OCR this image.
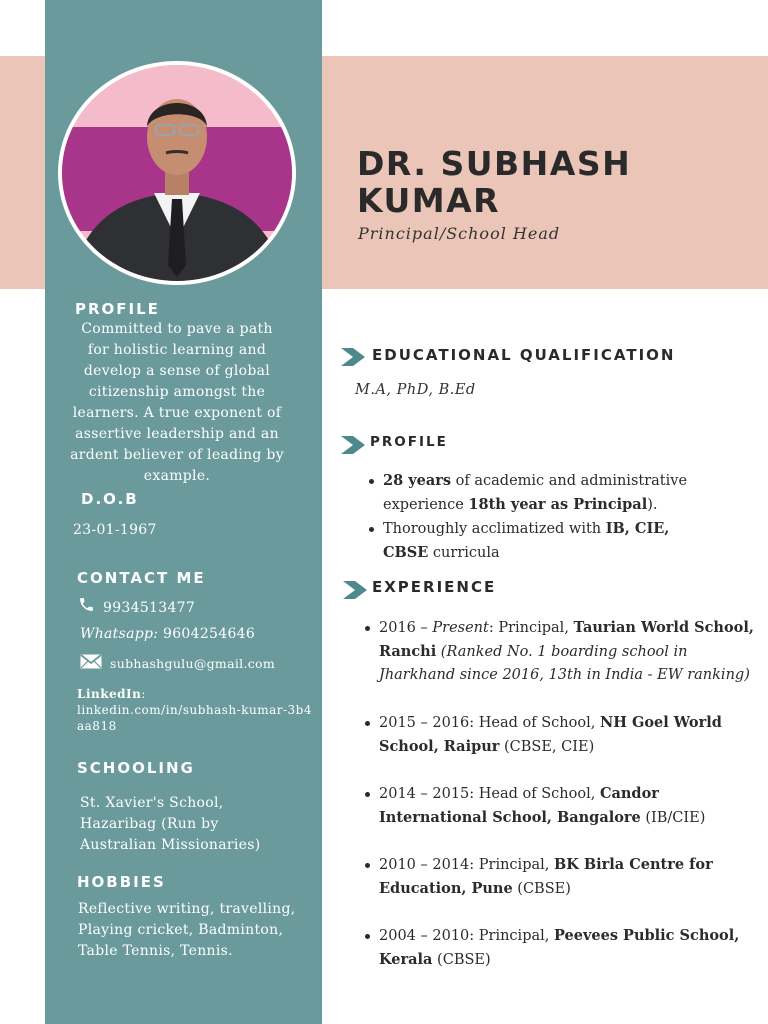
DR. SUBHASH KUMAR
Principal/School Head
PROFILE
Committed to pave a path for holistic learning and develop a sense of global citizenship amongst the learners. A true exponent of assertive leadership and an ardent believer of leading by example.
D.O.B
23-01-1967
CONTACT ME
9934513477
Whatsapp: 9604254646
subhashgulu@gmail.com
LinkedIn:
linkedin.com/in/subhash-kumar-3b4aa818
SCHOOLING
St. Xavier's School, Hazaribag (Run by Australian Missionaries)
HOBBIES
Reflective writing, travelling, Playing cricket, Badminton, Table Tennis, Tennis.
EDUCATIONAL QUALIFICATION
M.A, PhD, B.Ed
PROFILE
28 years of academic and administrative experience 18th year as Principal).
Thoroughly acclimatized with IB, CIE,
CBSE curricula
EXPERIENCE
2016 – Present: Principal, Taurian World School, Ranchi (Ranked No. 1 boarding school in Jharkhand since 2016, 13th in India - EW ranking)
2015 – 2016: Head of School, NH Goel World School, Raipur (CBSE, CIE)
2014 – 2015: Head of School, Candor International School, Bangalore (IB/CIE)
2010 – 2014: Principal, BK Birla Centre for Education, Pune (CBSE)
2004 – 2010: Principal, Peevees Public School, Kerala (CBSE)
